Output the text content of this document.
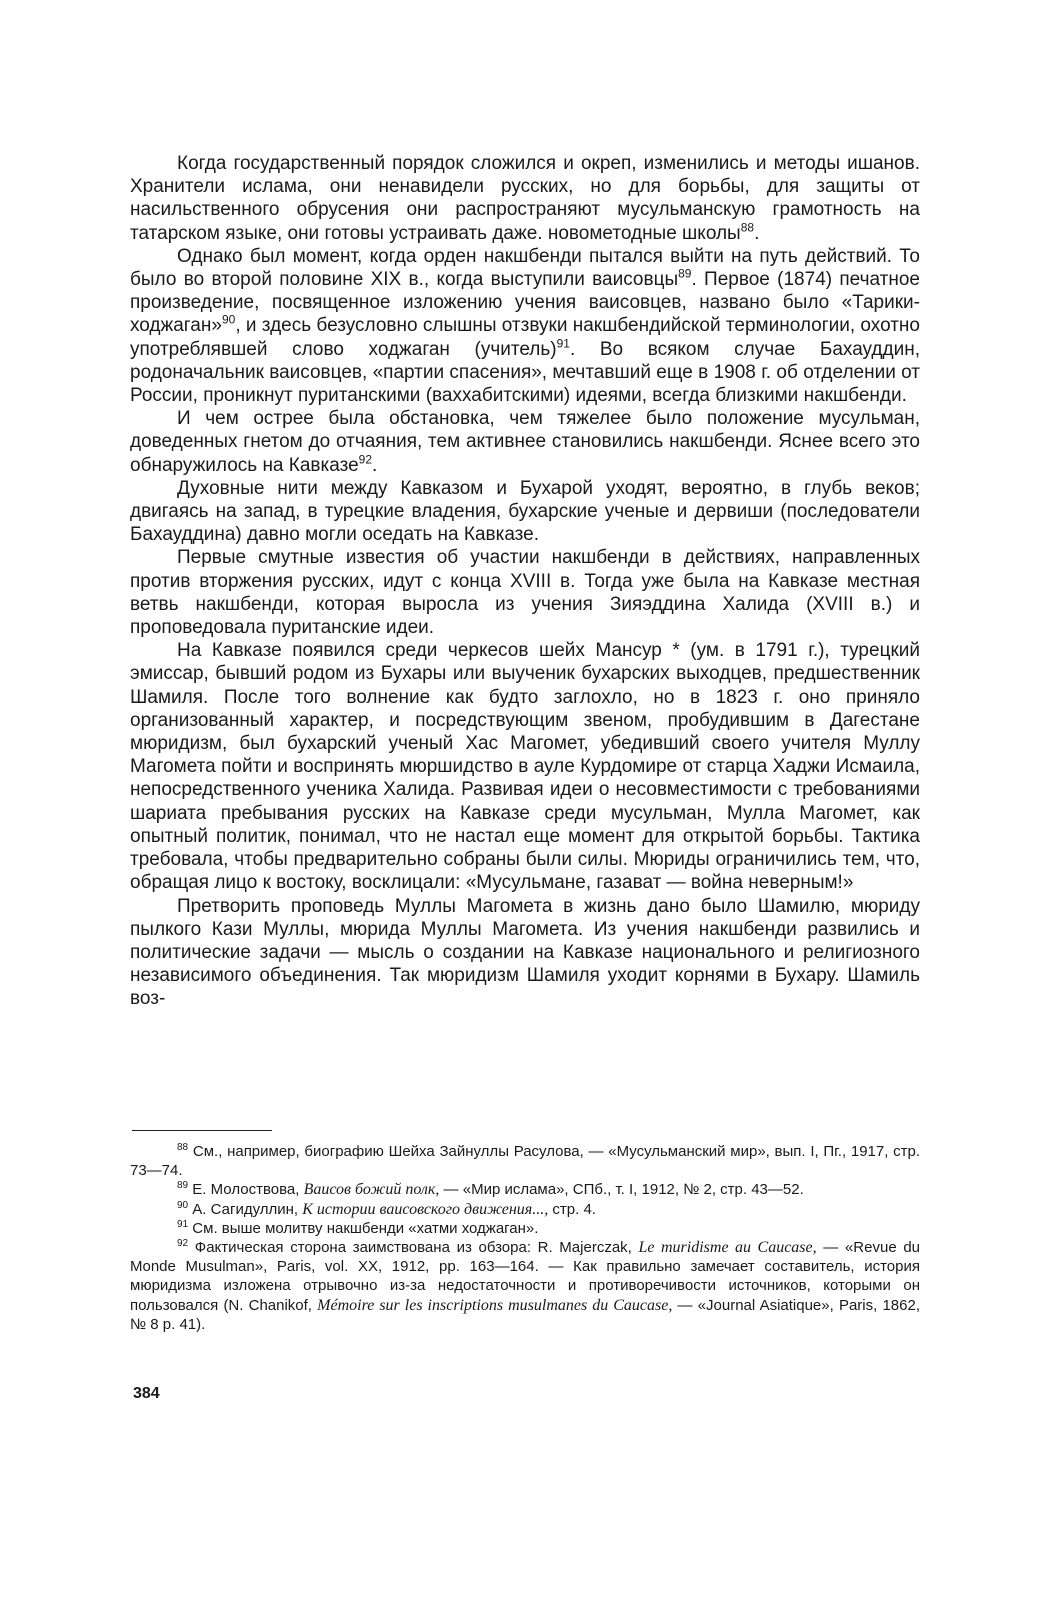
Когда государственный порядок сложился и окреп, изменились и методы ишанов. Хранители ислама, они ненавидели русских, но для борьбы, для защиты от насильственного обрусения они распространяют мусульманскую грамотность на татарском языке, они готовы устраивать даже. новометодные школы$^{88}$.

Однако был момент, когда орден накшбенди пытался выйти на путь действий. То было во второй половине XIX в., когда выступили ваисовцы$^{89}$. Первое (1874) печатное произведение, посвященное изложению учения ваисовцев, названо было «Тарики-ходжаган»$^{90}$, и здесь безусловно слышны отзвуки накшбендийской терминологии, охотно употреблявшей слово ходжаган (учитель)$^{91}$. Во всяком случае Бахауддин, родоначальник ваисовцев, «партии спасения», мечтавший еще в 1908 г. об отделении от России, проникнут пуританскими (ваххабитскими) идеями, всегда близкими накшбенди.

И чем острее была обстановка, чем тяжелее было положение мусульман, доведенных гнетом до отчаяния, тем активнее становились накшбенди. Яснее всего это обнаружилось на Кавказе$^{92}$.

Духовные нити между Кавказом и Бухарой уходят, вероятно, в глубь веков; двигаясь на запад, в турецкие владения, бухарские ученые и дервиши (последователи Бахауддина) давно могли оседать на Кавказе.

Первые смутные известия об участии накшбенди в действиях, направленных против вторжения русских, идут с конца XVIII в. Тогда уже была на Кавказе местная ветвь накшбенди, которая выросла из учения Зияэддина Халида (XVIII в.) и проповедовала пуританские идеи.

На Кавказе появился среди черкесов шейх Мансур * (ум. в 1791 г.), турецкий эмиссар, бывший родом из Бухары или выученик бухарских выходцев, предшественник Шамиля. После того волнение как будто заглохло, но в 1823 г. оно приняло организованный характер, и посредствующим звеном, пробудившим в Дагестане мюридизм, был бухарский ученый Хас Магомет, убедивший своего учителя Муллу Магомета пойти и воспринять мюршидство в ауле Курдомире от старца Хаджи Исмаила, непосредственного ученика Халида. Развивая идеи о несовместимости с требованиями шариата пребывания русских на Кавказе среди мусульман, Мулла Магомет, как опытный политик, понимал, что не настал еще момент для открытой борьбы. Тактика требовала, чтобы предварительно собраны были силы. Мюриды ограничились тем, что, обращая лицо к востоку, восклицали: «Мусульмане, газават — война неверным!»

Претворить проповедь Муллы Магомета в жизнь дано было Шамилю, мюриду пылкого Кази Муллы, мюрида Муллы Магомета. Из учения накшбенди развились и политические задачи — мысль о создании на Кавказе национального и религиозного независимого объединения. Так мюридизм Шамиля уходит корнями в Бухару. Шамиль воз-

$^{88}$ См., например, биографию Шейха Зайнуллы Расулова, — «Мусульманский мир», вып. I, Пг., 1917, стр. 73—74.

$^{89}$ Е. Молоствова, Ваисов божий полк, — «Мир ислама», СПб., т. I, 1912, № 2, стр. 43—52.

$^{90}$ А. Сагидуллин, К истории ваисовского движения..., стр. 4.

$^{91}$ См. выше молитву накшбенди «хатми ходжаган».

$^{92}$ Фактическая сторона заимствована из обзора: R. Majerczak, Le muridisme au Caucase, — «Revue du Monde Musulman», Paris, vol. XX, 1912, pp. 163—164. — Как правильно замечает составитель, история мюридизма изложена отрывочно из-за недостаточности и противоречивости источников, которыми он пользовался (N. Chanikof, Mémoire sur les inscriptions musulmanes du Caucase, — «Journal Asiatique», Paris, 1862, № 8 p. 41).

384
